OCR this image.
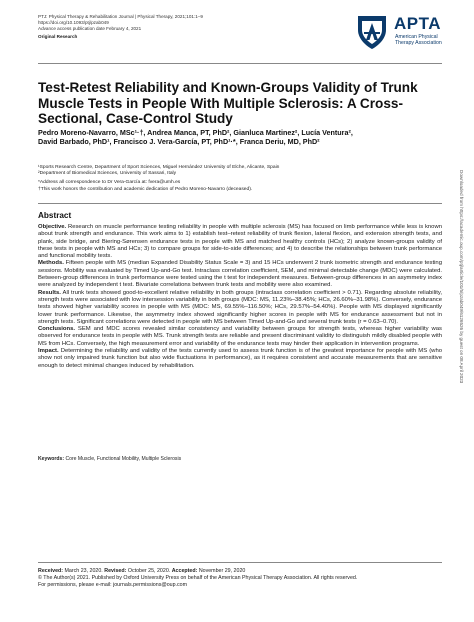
PTJ: Physical Therapy & Rehabilitation Journal | Physical Therapy, 2021;101:1–9
https://doi.org/10.1093/ptj/pzab049
Advance access publication date February 4, 2021
Original Research
APTA
American Physical Therapy Association
Test-Retest Reliability and Known-Groups Validity of Trunk Muscle Tests in People With Multiple Sclerosis: A Cross-Sectional, Case-Control Study
Pedro Moreno-Navarro, MSc¹·†, Andrea Manca, PT, PhD², Gianluca Martinez², Lucía Ventura²,
David Barbado, PhD¹, Francisco J. Vera-García, PT, PhD¹·*, Franca Deriu, MD, PhD²
¹Sports Research Centre, Department of Sport Sciences, Miguel Hernández University of Elche, Alicante, Spain
²Department of Biomedical Sciences, University of Sassari, Italy
*Address all correspondence to Dr Vera-García at: fvera@umh.es
†This work honors the contribution and academic dedication of Pedro Moreno-Navarro (deceased).
Abstract

Objective. Research on muscle performance testing reliability in people with multiple sclerosis (MS) has focused on limb performance while less is known about trunk strength and endurance. This work aims to 1) establish test–retest reliability of trunk flexion, lateral flexion, and extension strength tests, and plank, side bridge, and Biering-Sørensen endurance tests in people with MS and matched healthy controls (HCs); 2) analyze known-groups validity of these tests in people with MS and HCs; 3) to compare groups for side-to-side differences; and 4) to describe the relationships between trunk performance and functional mobility tests.

Methods. Fifteen people with MS (median Expanded Disability Status Scale = 3) and 15 HCs underwent 2 trunk isometric strength and endurance testing sessions. Mobility was evaluated by Timed Up-and-Go test. Intraclass correlation coefficient, SEM, and minimal detectable change (MDC) were calculated. Between-group differences in trunk performance were tested using the t test for independent measures. Between-group differences in an asymmetry index were analyzed by independent t test. Bivariate correlations between trunk tests and mobility were also examined.

Results. All trunk tests showed good-to-excellent relative reliability in both groups (intraclass correlation coefficient > 0.71). Regarding absolute reliability, strength tests were associated with low intersession variability in both groups (MDC: MS, 11.23%–38.45%; HCs, 26.60%–31.98%). Conversely, endurance tests showed higher variability scores in people with MS (MDC: MS, 69.55%–116.50%; HCs, 29.57%–54.40%). People with MS displayed significantly lower trunk performance. Likewise, the asymmetry index showed significantly higher scores in people with MS for endurance assessment but not in strength tests. Significant correlations were detected in people with MS between Timed Up-and-Go and several trunk tests (r = 0.63–0.70).

Conclusions. SEM and MDC scores revealed similar consistency and variability between groups for strength tests, whereas higher variability was observed for endurance tests in people with MS. Trunk strength tests are reliable and present discriminant validity to distinguish mildly disabled people with MS from HCs. Conversely, the high measurement error and variability of the endurance tests may hinder their application in intervention programs.

Impact. Determining the reliability and validity of the tests currently used to assess trunk function is of the greatest importance for people with MS (who show not only impaired trunk function but also wide fluctuations in performance), as it requires consistent and accurate measurements that are sensitive enough to detect minimal changes induced by rehabilitation.

Keywords: Core Muscle, Functional Mobility, Multiple Sclerosis
Received: March 23, 2020. Revised: October 25, 2020. Accepted: November 29, 2020
© The Author(s) 2021. Published by Oxford University Press on behalf of the American Physical Therapy Association. All rights reserved.
For permissions, please e-mail: journals.permissions@oup.com
Downloaded from https://academic.oup.com/ptj/article/101/5/pzab049/6126526 by guest on 08 April 2023
